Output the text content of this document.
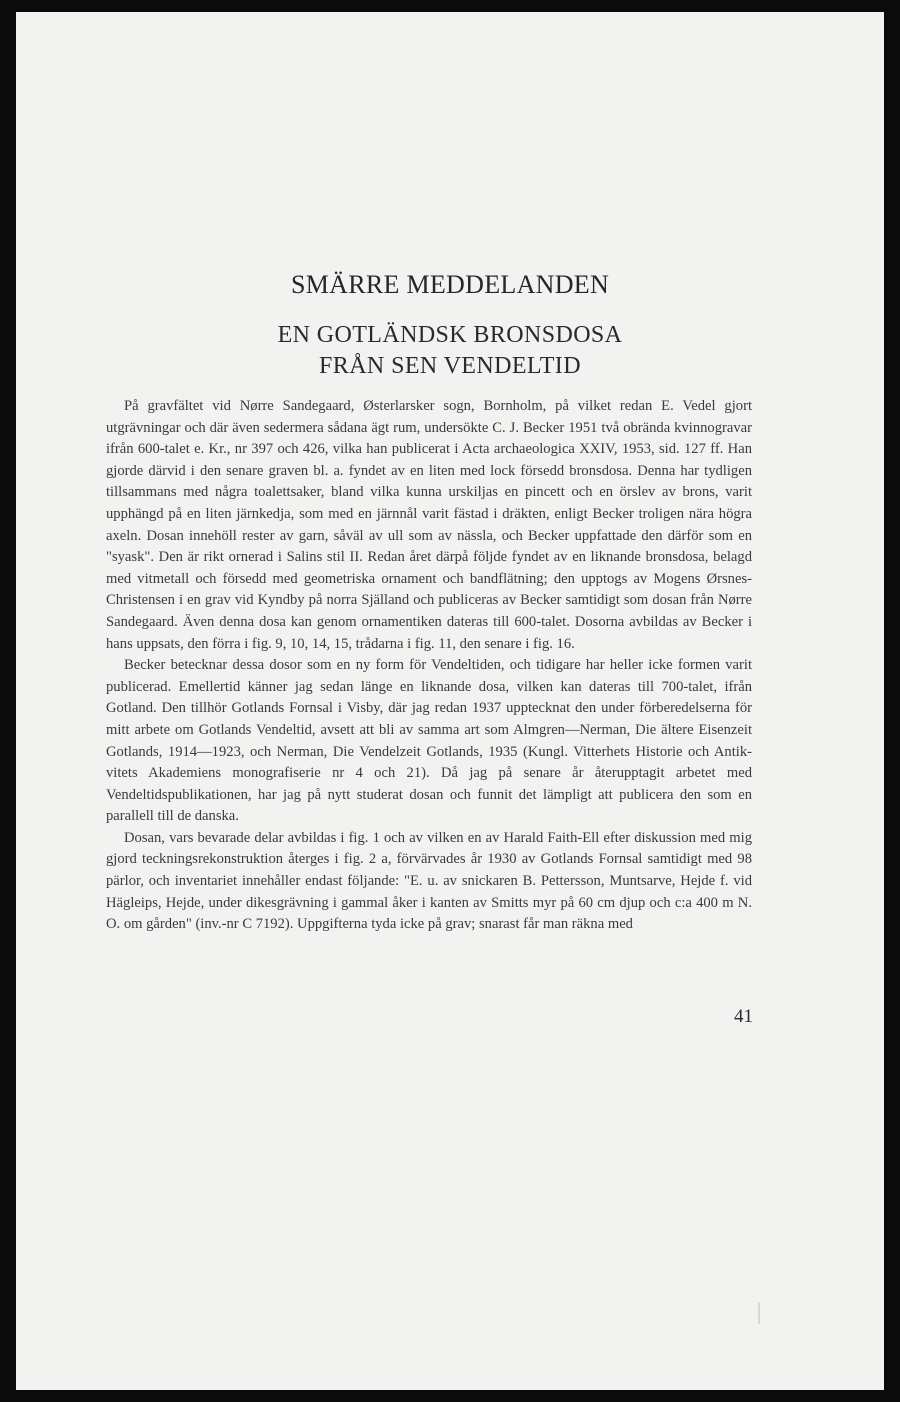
SMÄRRE MEDDELANDEN
EN GOTLÄNDSK BRONSDOSA
FRÅN SEN VENDELTID

På gravfältet vid Nørre Sandegaard, Østerlarsker sogn, Bornholm, på vilket redan E. Vedel gjort utgrävningar och där även sedermera sådana ägt rum, undersökte C. J. Becker 1951 två obrända kvinnogravar ifrån 600-talet e. Kr., nr 397 och 426, vilka han publicerat i Acta archaeologica XXIV, 1953, sid. 127 ff. Han gjorde därvid i den senare graven bl. a. fyndet av en liten med lock försedd bronsdosa. Denna har tydligen tillsammans med några toalettsaker, bland vilka kunna urskiljas en pincett och en örslev av brons, varit upphängd på en liten järnkedja, som med en järnnål varit fästad i dräkten, enligt Becker troligen nära högra axeln. Dosan innehöll rester av garn, såväl av ull som av nässla, och Becker uppfattade den därför som en "syask". Den är rikt ornerad i Salins stil II. Redan året därpå följde fyndet av en liknande bronsdosa, belagd med vitmetall och försedd med geometriska ornament och bandflätning; den upptogs av Mogens Ørsnes-Christensen i en grav vid Kyndby på norra Själland och publiceras av Becker samtidigt som dosan från Nørre Sandegaard. Även denna dosa kan genom ornamentiken dateras till 600-talet. Dosorna avbildas av Becker i hans uppsats, den förra i fig. 9, 10, 14, 15, trådarna i fig. 11, den senare i fig. 16.

Becker betecknar dessa dosor som en ny form för Vendeltiden, och tidigare har heller icke formen varit publicerad. Emellertid känner jag sedan länge en liknande dosa, vilken kan dateras till 700-talet, ifrån Gotland. Den tillhör Gotlands Fornsal i Visby, där jag redan 1937 upptecknat den under förberedelserna för mitt arbete om Gotlands Vendeltid, avsett att bli av samma art som Almgren—Nerman, Die ältere Eisenzeit Gotlands, 1914—1923, och Nerman, Die Vendelzeit Gotlands, 1935 (Kungl. Vitterhets Historie och Antikvitets Akademiens monografiserie nr 4 och 21). Då jag på senare år återupptagit arbetet med Vendeltidspublikationen, har jag på nytt studerat dosan och funnit det lämpligt att publicera den som en parallell till de danska.

Dosan, vars bevarade delar avbildas i fig. 1 och av vilken en av Harald Faith-Ell efter diskussion med mig gjord teckningsrekonstruktion återges i fig. 2 a, förvärvades år 1930 av Gotlands Fornsal samtidigt med 98 pärlor, och inventariet innehåller endast följande: "E. u. av snickaren B. Pettersson, Muntsarve, Hejde f. vid Hägleips, Hejde, under dikesgrävning i gammal åker i kanten av Smitts myr på 60 cm djup och c:a 400 m N. O. om gården" (inv.-nr C 7192). Uppgifterna tyda icke på grav; snarast får man räkna med

41
